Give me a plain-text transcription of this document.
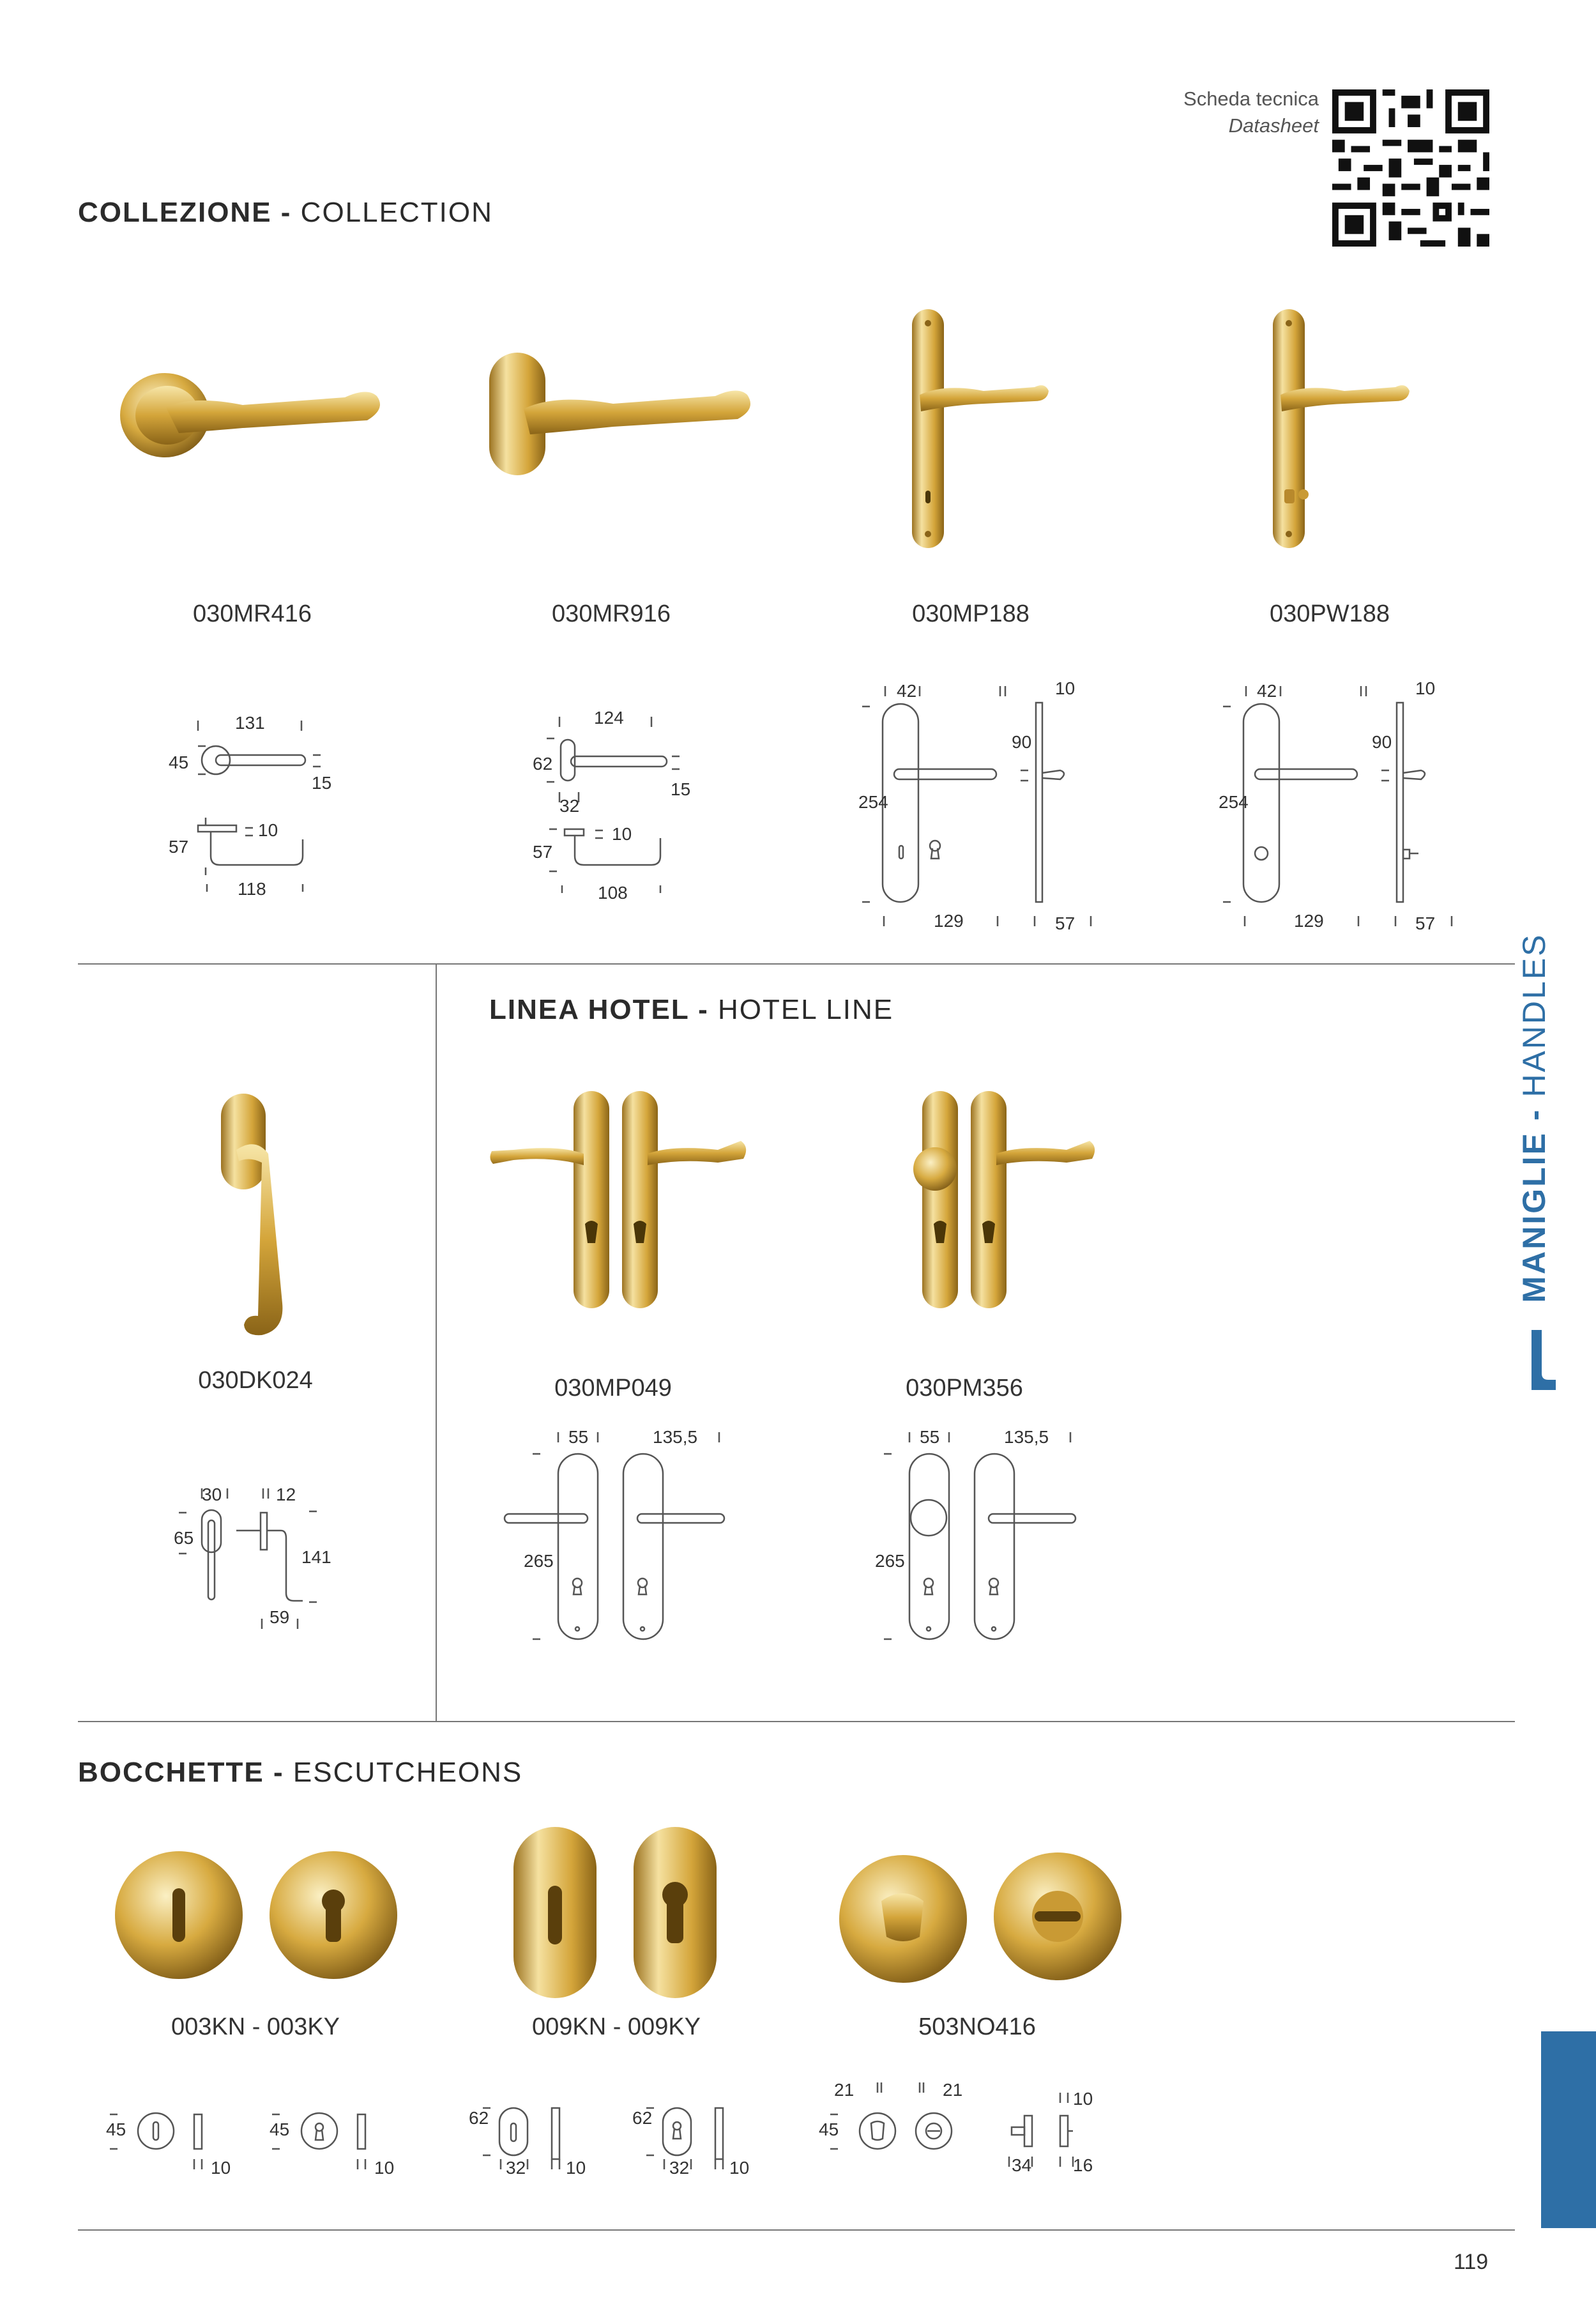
Scheda tecnica
Datasheet
COLLEZIONE - COLLECTION
MANIGLIE - HANDLES
030MR416	030MR916	030MP188	030PW188
131
45
15
10
57
118
124
62
15
32
10
57
108
42	10
90
254
129	57
42	10
90
254
129	57
030DK024
30	12
65
141
59
LINEA HOTEL - HOTEL LINE
030MP049	030PM356
55	135,5
265
55	135,5
265
BOCCHETTE - ESCUTCHEONS
003KN - 003KY	009KN - 009KY	503NO416
45
10
45
10
62
32 10
62
32 10
21	21
45
10
34 16
119
